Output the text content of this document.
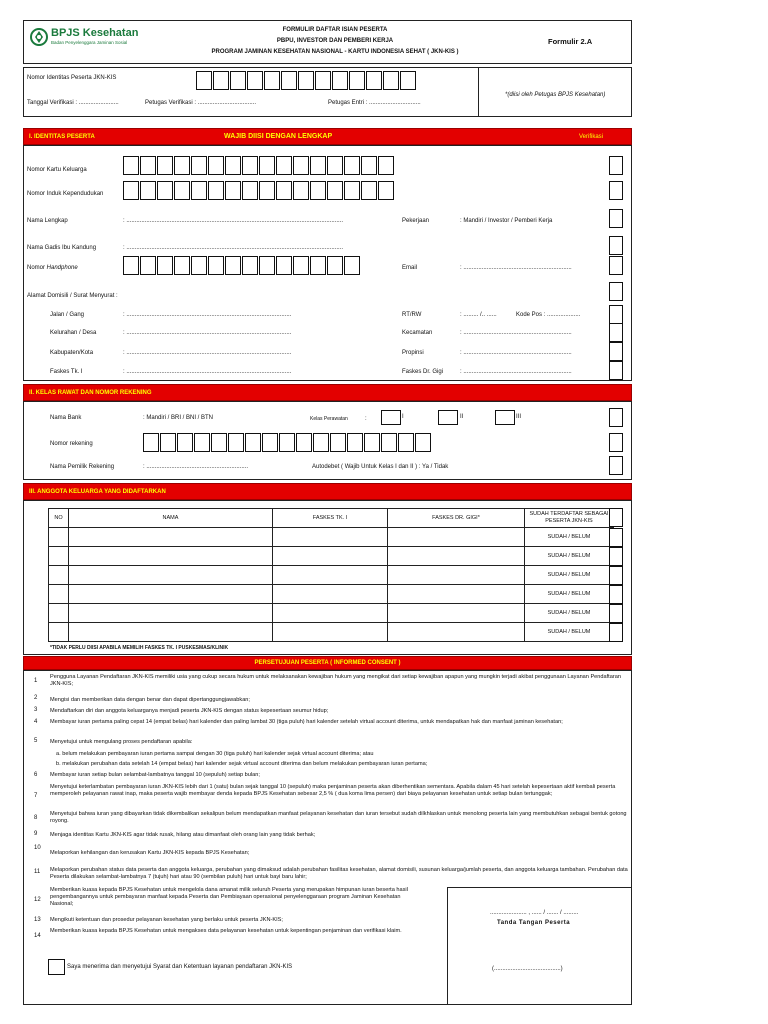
BPJS Kesehatan
Badan Penyelenggara Jaminan Sosial
FORMULIR DAFTAR ISIAN PESERTA
PBPU, INVESTOR DAN PEMBERI KERJA
PROGRAM JAMINAN KESEHATAN NASIONAL - KARTU INDONESIA SEHAT ( JKN-KIS )
Formulir 2.A
Nomor Identitas Peserta JKN-KIS
Tanggal Verifikasi : ........................	Petugas Verifikasi : ...................................	Petugas Entri : ...............................
*(diisi oleh Petugas BPJS Kesehatan)
I. IDENTITAS PESERTA	WAJIB DIISI DENGAN LENGKAP	Verifikasi
Nomor Kartu Keluarga
Nomor Induk Kependudukan
Nama Lengkap	: ..................................................................................................................................	Pekerjaan	: Mandiri / Investor / Pemberi Kerja
Nama Gadis Ibu Kandung	: ..................................................................................................................................
Nomor Handphone	Email	: .................................................................
Alamat Domisili / Surat Menyurat :
Jalan / Gang	: ...................................................................................................	RT/RW	: ......... /.. ......	Kode Pos : ....................
Kelurahan / Desa	: ...................................................................................................	Kecamatan	: .................................................................
Kabupaten/Kota	: ...................................................................................................	Propinsi	: .................................................................
Faskes Tk. I	: ...................................................................................................	Faskes Dr. Gigi	: .................................................................
II. KELAS RAWAT DAN NOMOR REKENING
Nama Bank	: Mandiri / BRI / BNI / BTN	Kelas Perawatan	:	I	II	III
Nomor rekening
Nama Pemilik Rekening	: .............................................................	Autodebet ( Wajib Untuk Kelas I dan II ) : Ya / Tidak
III. ANGGOTA KELUARGA YANG DIDAFTARKAN
NO	NAMA	FASKES TK. I	FASKES DR. GIGI*	SUDAH TERDAFTAR SEBAGAI PESERTA JKN-KIS
				SUDAH / BELUM
				SUDAH / BELUM
				SUDAH / BELUM
				SUDAH / BELUM
				SUDAH / BELUM
				SUDAH / BELUM
*TIDAK PERLU DIISI APABILA MEMILIH FASKES TK. I PUSKESMAS/KLINIK
PERSETUJUAN PESERTA ( INFORMED CONSENT )
1
Pengguna Layanan Pendaftaran JKN-KIS memiliki usia yang cukup secara hukum untuk melaksanakan kewajiban hukum yang mengikat dari setiap kewajiban apapun yang mungkin terjadi akibat penggunaan Layanan Pendaftaran JKN-KIS;
2 Mengisi dan memberikan data dengan benar dan dapat dipertanggungjawabkan;
3 Mendaftarkan diri dan anggota keluarganya menjadi peserta JKN-KIS dengan status kepesertaan seumur hidup;
4 Membayar iuran pertama paling cepat 14 (empat belas) hari kalender dan paling lambat 30 (tiga puluh) hari kalender setelah virtual account diterima, untuk mendapatkan hak dan manfaat jaminan kesehatan;
5 Menyetujui untuk mengulang proses pendaftaran apabila:
a. belum melakukan pembayaran iuran pertama sampai dengan 30 (tiga puluh) hari kalender sejak virtual account diterima; atau
b. melakukan perubahan data setelah 14 (empat belas) hari kalender sejak virtual account diterima dan belum melakukan pembayaran iuran pertama;
6 Membayar iuran setiap bulan selambat-lambatnya tanggal 10 (sepuluh) setiap bulan;
7
Menyetujui keterlambatan pembayaran iuran JKN-KIS lebih dari 1 (satu) bulan sejak tanggal 10 (sepuluh) maka penjaminan peserta akan diberhentikan sementara. Apabila dalam 45 hari setelah kepesertaan aktif kembali peserta memperoleh pelayanan rawat inap, maka peserta wajib membayar denda kepada BPJS Kesehatan sebesar 2,5 % ( dua koma lima persen) dari biaya pelayanan kesehatan untuk setiap bulan tertunggak;
8
Menyetujui bahwa iuran yang dibayarkan tidak dikembalikan sekalipun belum mendapatkan manfaat pelayanan kesehatan dan iuran tersebut sudah dilkhlaskan untuk menolong peserta lain yang membutuhkan sebagai bentuk gotong royong.
9 Menjaga identitas Kartu JKN-KIS agar tidak rusak, hilang atau dimanfaat oleh orang lain yang tidak berhak;
10
Melaporkan kehilangan dan kerusakan Kartu JKN-KIS kepada BPJS Kesehatan;
11 Melaporkan perubahan status data peserta dan anggota keluarga, perubahan yang dimaksud adalah perubahan fasilitas kesehatan, alamat domisili, susunan keluarga/jumlah peserta, dan anggota keluarga tambahan. Perubahan data Peserta dilakukan selambat-lambatnya 7 (tujuh) hari atau 90 (sembilan puluh) hari untuk bayi baru lahir;
12
Memberikan kuasa kepada BPJS Kesehatan untuk mengelola dana amanat milik seluruh Peserta yang merupakan himpunan iuran beserta hasil pengembangannya untuk pembayaran manfaat kepada Peserta dan Pembiayaan operasional penyelenggaraan program Jaminan Kesehatan Nasional;
13 Mengikuti ketentuan dan prosedur pelayanan kesehatan yang berlaku untuk peserta JKN-KIS;
14
Memberikan kuasa kepada BPJS Kesehatan untuk mengakses data pelayanan kesehatan untuk kepentingan penjaminan dan verifikasi klaim.
...................... , ...... / ....... / .........
Tanda Tangan Peserta
(........................................)
Saya menerima dan menyetujui Syarat dan Ketentuan layanan pendaftaran JKN-KIS
